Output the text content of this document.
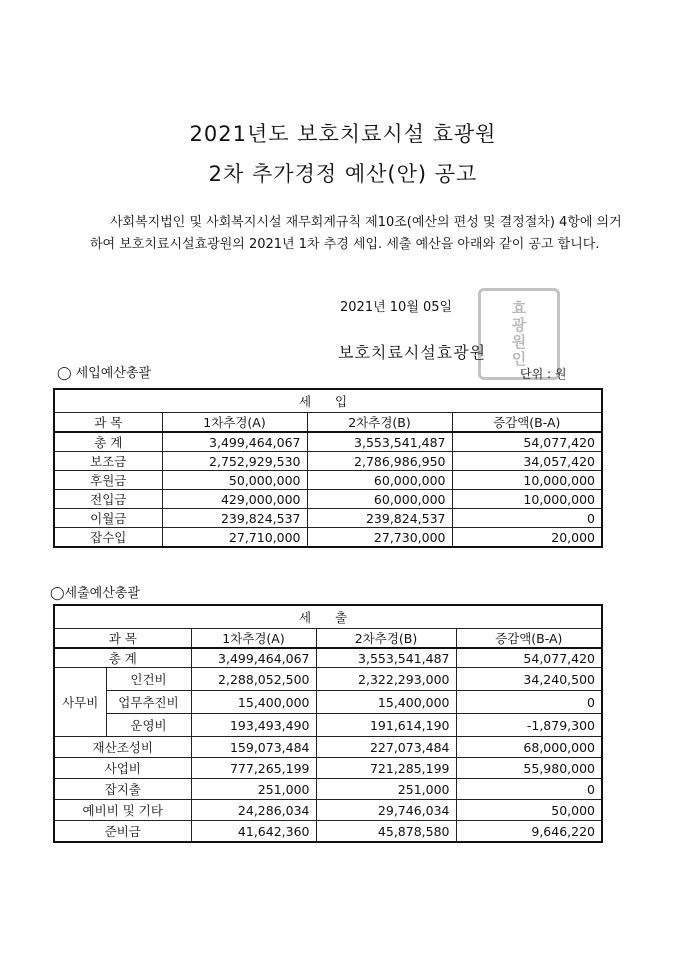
2021년도 보호치료시설 효광원
2차 추가경정 예산(안) 공고

사회복지법인 및 사회복지시설 재무회계규칙 제10조(예산의 편성 및 결정절차) 4항에 의거하여 보호치료시설효광원의 2021년 1차 추경 세입. 세출 예산을 아래와 같이 공고 합니다.

2021년 10월 05일	효광원인
보호치료시설효광원
◯ 세입예산총괄	단위 : 원
세 입			
과 목	1차추경(A)	2차추경(B)	증감액(B-A)
총 계	3,499,464,067	3,553,541,487	54,077,420
보조금	2,752,929,530	2,786,986,950	34,057,420
후원금	50,000,000	60,000,000	10,000,000
전입금	429,000,000	60,000,000	10,000,000
이월금	239,824,537	239,824,537	0
잡수입	27,710,000	27,730,000	20,000
◯세출예산총괄
세 출				
과 목		1차추경(A)	2차추경(B)	증감액(B-A)
총 계		3,499,464,067	3,553,541,487	54,077,420
사무비	인건비	2,288,052,500	2,322,293,000	34,240,500
	업무추진비	15,400,000	15,400,000	0
	운영비	193,493,490	191,614,190	-1,879,300
재산조성비		159,073,484	227,073,484	68,000,000
사업비		777,265,199	721,285,199	55,980,000
잡지출		251,000	251,000	0
예비비 및 기타		24,286,034	29,746,034	50,000
준비금		41,642,360	45,878,580	9,646,220
